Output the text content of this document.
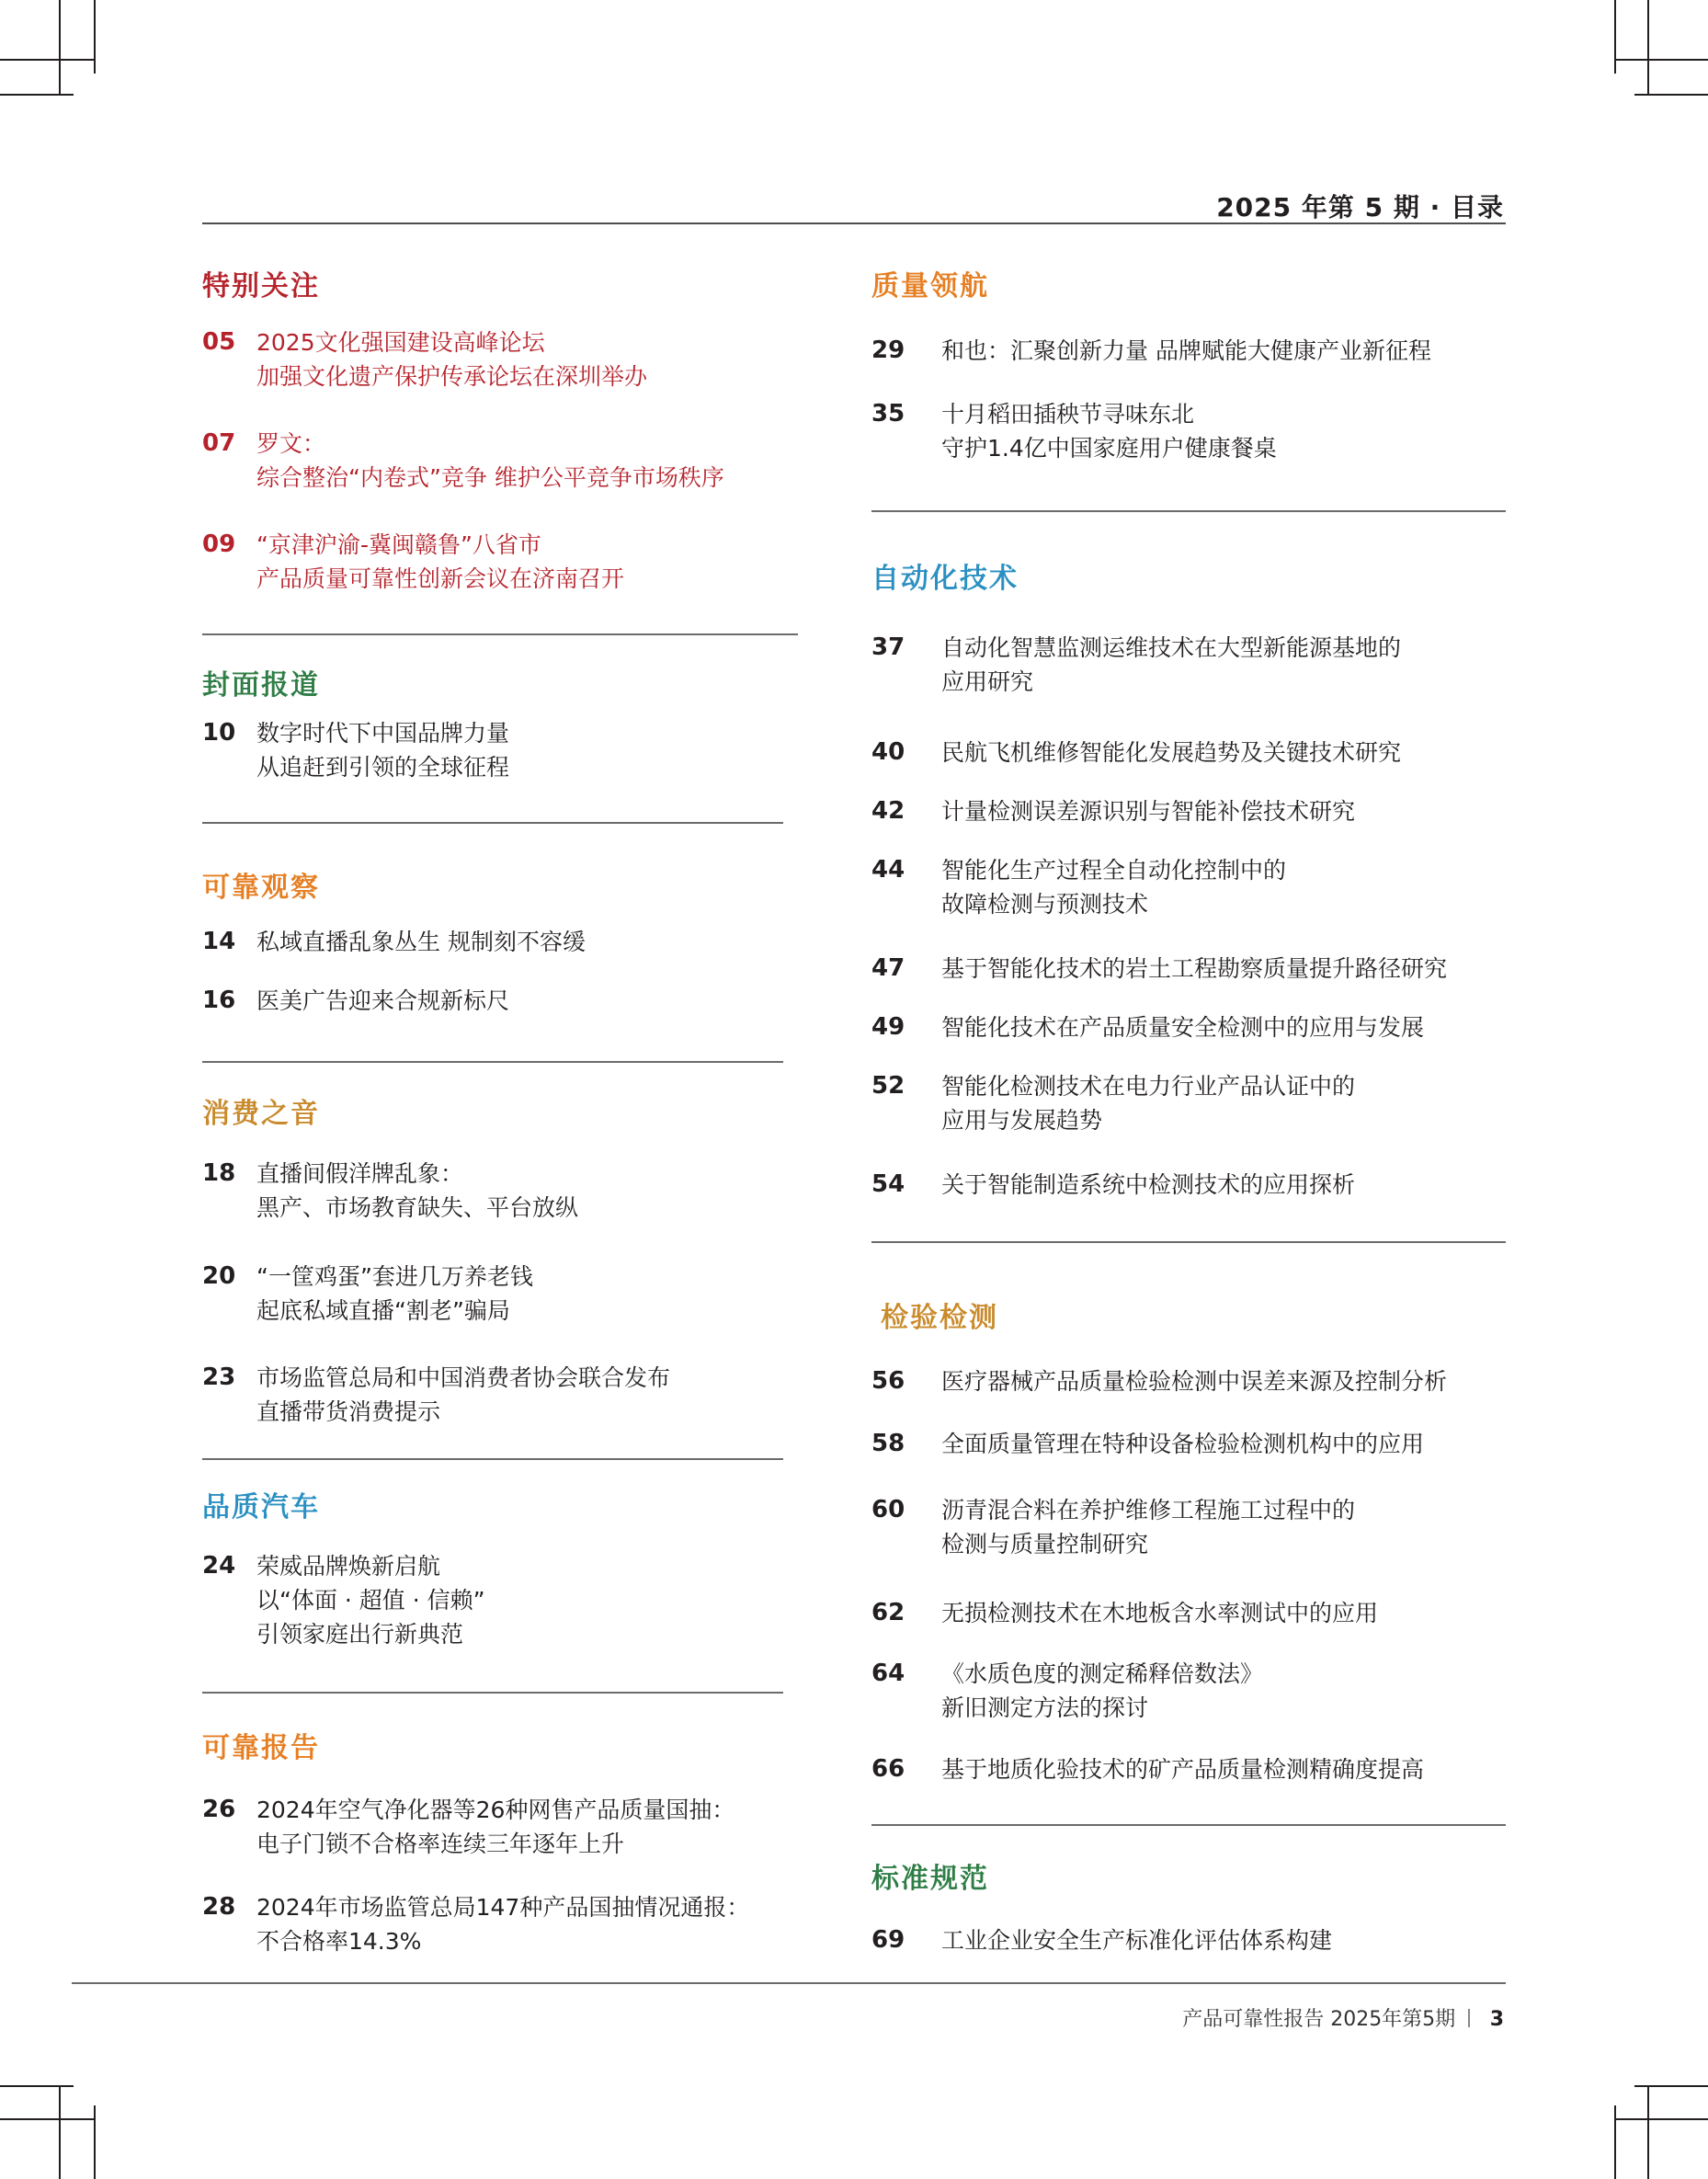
2025 年第 5 期 · 目录
特别关注
05 2025文化强国建设高峰论坛
加强文化遗产保护传承论坛在深圳举办
07 罗文：
综合整治“内卷式”竞争 维护公平竞争市场秩序
09 “京津沪渝-冀闽赣鲁”八省市
产品质量可靠性创新会议在济南召开
封面报道
10 数字时代下中国品牌力量
从追赶到引领的全球征程
可靠观察
14 私域直播乱象丛生 规制刻不容缓
16 医美广告迎来合规新标尺
消费之音
18 直播间假洋牌乱象：
黑产、市场教育缺失、平台放纵
20 “一筐鸡蛋”套进几万养老钱
起底私域直播“割老”骗局
23 市场监管总局和中国消费者协会联合发布
直播带货消费提示
品质汽车
24 荣威品牌焕新启航
以“体面 · 超值 · 信赖”
引领家庭出行新典范
可靠报告
26 2024年空气净化器等26种网售产品质量国抽：
电子门锁不合格率连续三年逐年上升
28 2024年市场监管总局147种产品国抽情况通报：
不合格率14.3%
质量领航
29 和也：汇聚创新力量 品牌赋能大健康产业新征程
35 十月稻田插秧节寻味东北
守护1.4亿中国家庭用户健康餐桌
自动化技术
37 自动化智慧监测运维技术在大型新能源基地的
应用研究
40 民航飞机维修智能化发展趋势及关键技术研究
42 计量检测误差源识别与智能补偿技术研究
44 智能化生产过程全自动化控制中的
故障检测与预测技术
47 基于智能化技术的岩土工程勘察质量提升路径研究
49 智能化技术在产品质量安全检测中的应用与发展
52 智能化检测技术在电力行业产品认证中的
应用与发展趋势
54 关于智能制造系统中检测技术的应用探析
检验检测
56 医疗器械产品质量检验检测中误差来源及控制分析
58 全面质量管理在特种设备检验检测机构中的应用
60 沥青混合料在养护维修工程施工过程中的
检测与质量控制研究
62 无损检测技术在木地板含水率测试中的应用
64 《水质色度的测定稀释倍数法》
新旧测定方法的探讨
66 基于地质化验技术的矿产品质量检测精确度提高
标准规范
69 工业企业安全生产标准化评估体系构建
产品可靠性报告 2025年第5期 3
